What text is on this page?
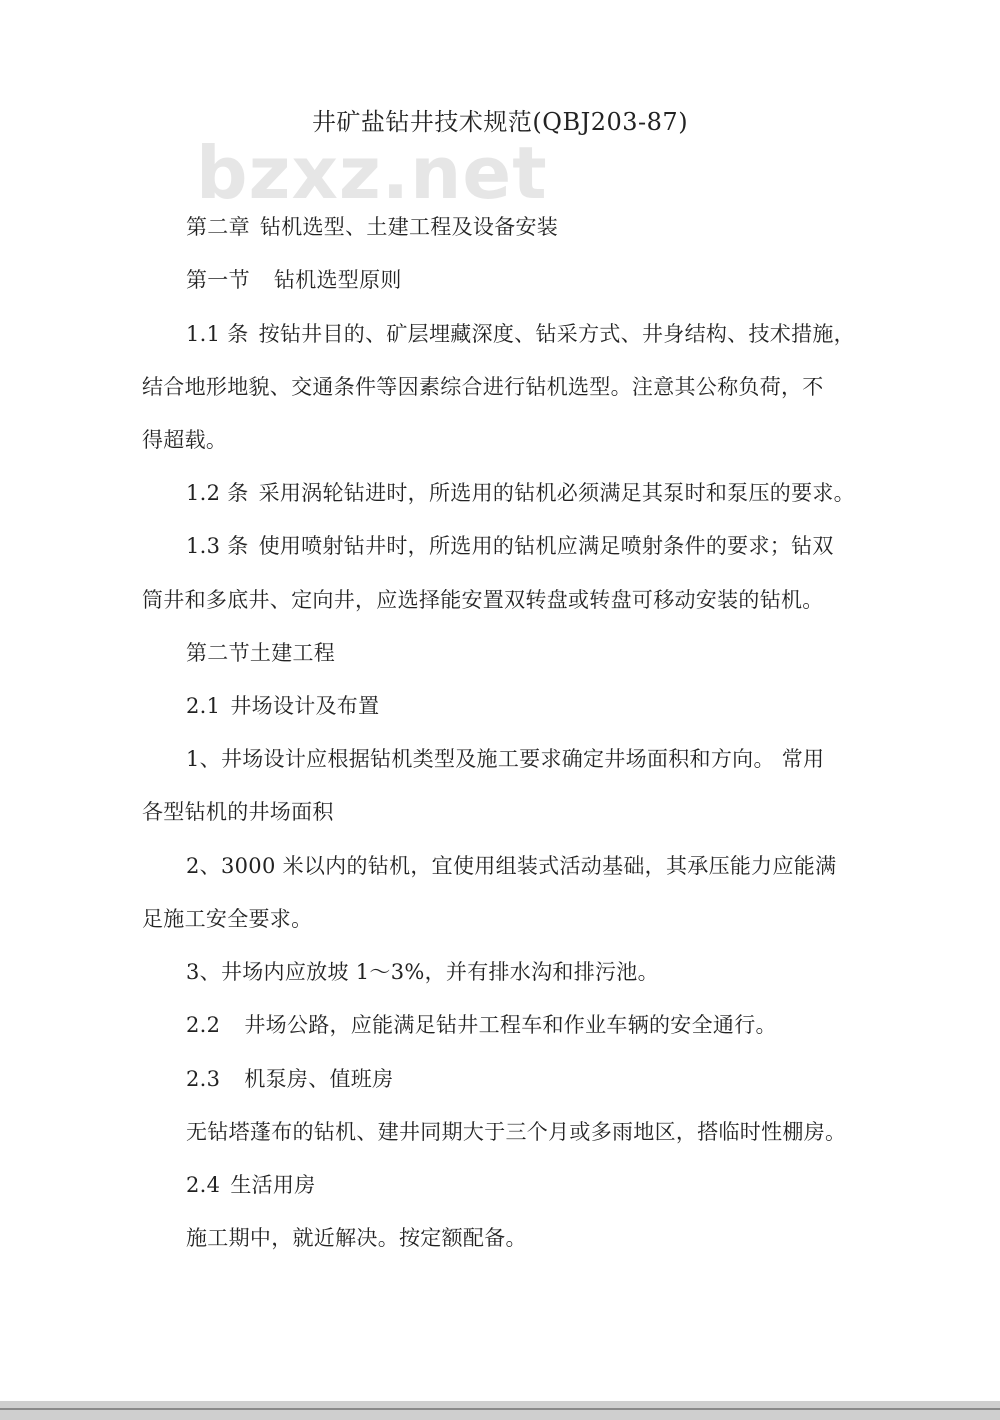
井矿盐钻井技术规范(QBJ203-87)
bzxz.net
第二章 钻机选型、土建工程及设备安装
第一节 钻机选型原则
1.1 条 按钻井目的、矿层埋藏深度、钻采方式、井身结构、技术措施，
结合地形地貌、交通条件等因素综合进行钻机选型。注意其公称负荷，不
得超载。
1.2 条 采用涡轮钻进时，所选用的钻机必须满足其泵时和泵压的要求。
1.3 条 使用喷射钻井时，所选用的钻机应满足喷射条件的要求；钻双
筒井和多底井、定向井，应选择能安置双转盘或转盘可移动安装的钻机。
第二节土建工程
2.1 井场设计及布置
1、井场设计应根据钻机类型及施工要求确定井场面积和方向。 常用
各型钻机的井场面积
2、3000 米以内的钻机，宜使用组装式活动基础，其承压能力应能满
足施工安全要求。
3、井场内应放坡 1～3%，并有排水沟和排污池。
2.2 井场公路，应能满足钻井工程车和作业车辆的安全通行。
2.3 机泵房、值班房
无钻塔蓬布的钻机、建井同期大于三个月或多雨地区，搭临时性棚房。
2.4 生活用房
施工期中，就近解决。按定额配备。
